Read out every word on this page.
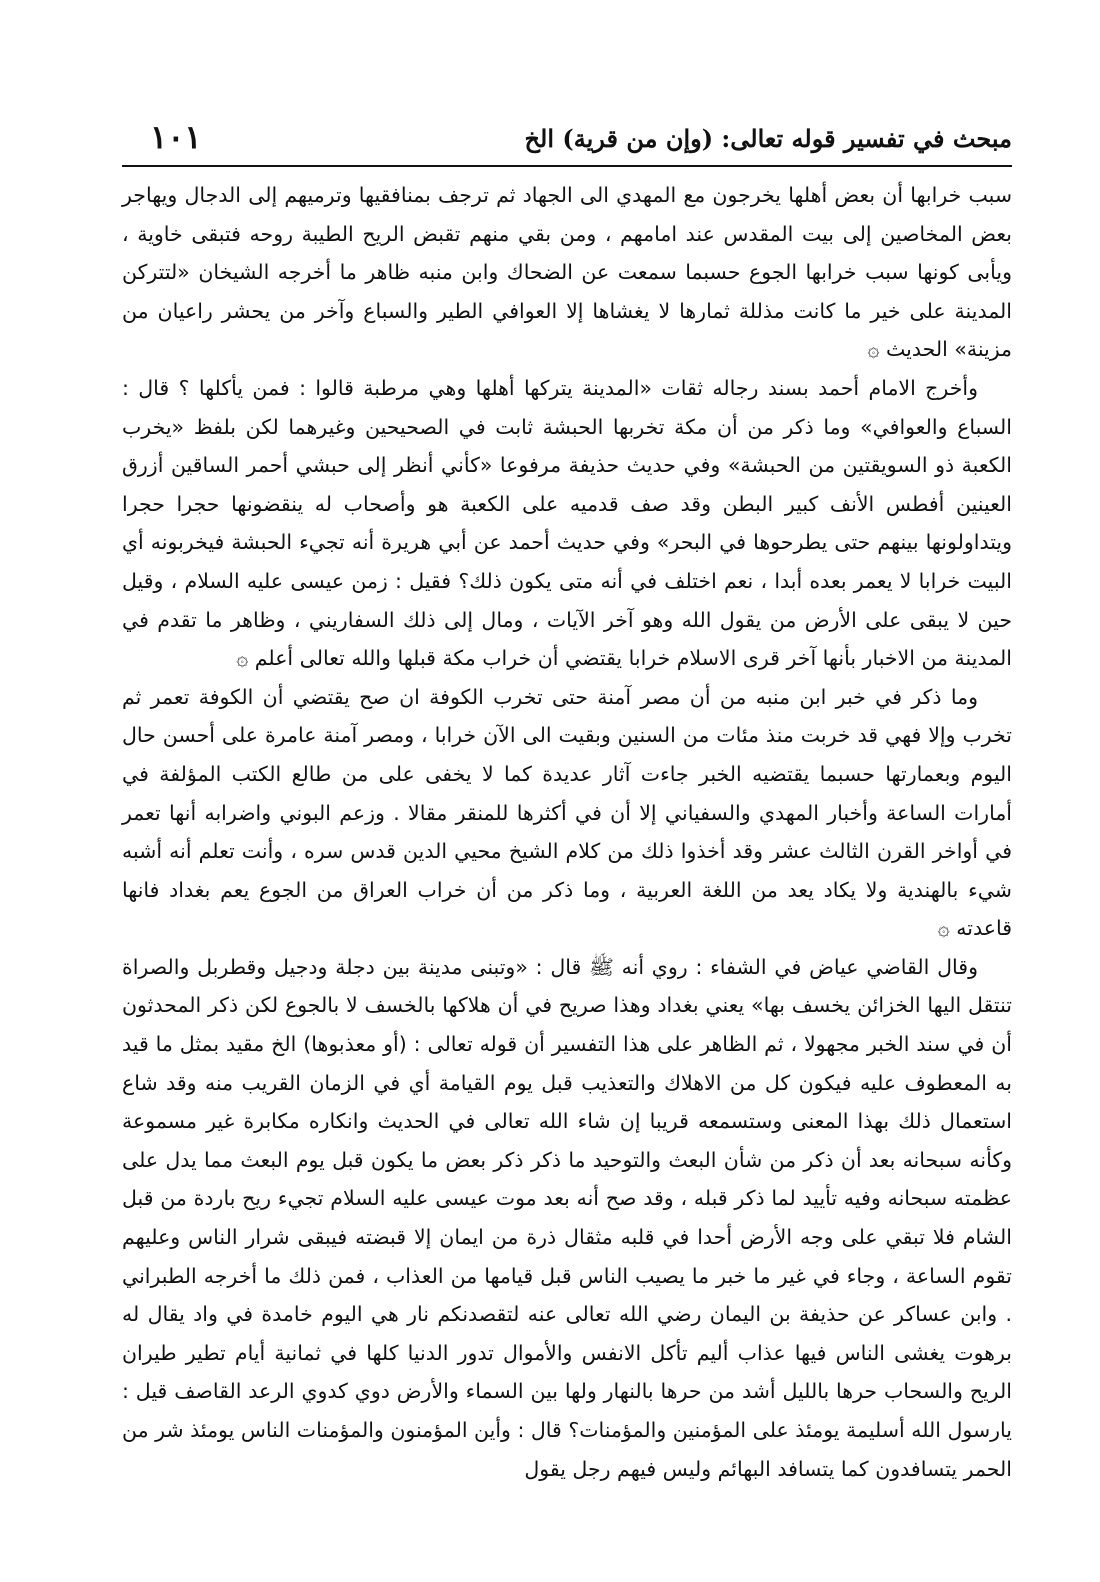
مبحث في تفسير قوله تعالى: (وإن من قرية) الخ
١٠١

سبب خرابها أن بعض أهلها يخرجون مع المهدي الى الجهاد ثم ترجف بمنافقيها وترميهم إلى الدجال ويهاجر بعض المخاصين إلى بيت المقدس عند امامهم ، ومن بقي منهم تقبض الريح الطيبة روحه فتبقى خاوية ، ويأبى كونها سبب خرابها الجوع حسبما سمعت عن الضحاك وابن منبه ظاهر ما أخرجه الشيخان «لتتركن المدينة على خير ما كانت مذللة ثمارها لا يغشاها إلا العوافي الطير والسباع وآخر من يحشر راعيان من مزينة» الحديث ۞

وأخرج الامام أحمد بسند رجاله ثقات «المدينة يتركها أهلها وهي مرطبة قالوا : فمن يأكلها ؟ قال : السباع والعوافي» وما ذكر من أن مكة تخربها الحبشة ثابت في الصحيحين وغيرهما لكن بلفظ «يخرب الكعبة ذو السويقتين من الحبشة» وفي حديث حذيفة مرفوعا «كأني أنظر إلى حبشي أحمر الساقين أزرق العينين أفطس الأنف كبير البطن وقد صف قدميه على الكعبة هو وأصحاب له ينقضونها حجرا حجرا ويتداولونها بينهم حتى يطرحوها في البحر» وفي حديث أحمد عن أبي هريرة أنه تجيء الحبشة فيخربونه أي البيت خرابا لا يعمر بعده أبدا ، نعم اختلف في أنه متى يكون ذلك؟ فقيل : زمن عيسى عليه السلام ، وقيل حين لا يبقى على الأرض من يقول الله وهو آخر الآيات ، ومال إلى ذلك السفاريني ، وظاهر ما تقدم في المدينة من الاخبار بأنها آخر قرى الاسلام خرابا يقتضي أن خراب مكة قبلها والله تعالى أعلم ۞

وما ذكر في خبر ابن منبه من أن مصر آمنة حتى تخرب الكوفة ان صح يقتضي أن الكوفة تعمر ثم تخرب وإلا فهي قد خربت منذ مئات من السنين وبقيت الى الآن خرابا ، ومصر آمنة عامرة على أحسن حال اليوم وبعمارتها حسبما يقتضيه الخبر جاءت آثار عديدة كما لا يخفى على من طالع الكتب المؤلفة في أمارات الساعة وأخبار المهدي والسفياني إلا أن في أكثرها للمنقر مقالا . وزعم البوني واضرابه أنها تعمر في أواخر القرن الثالث عشر وقد أخذوا ذلك من كلام الشيخ محيي الدين قدس سره ، وأنت تعلم أنه أشبه شيء بالهندية ولا يكاد يعد من اللغة العربية ، وما ذكر من أن خراب العراق من الجوع يعم بغداد فانها قاعدته ۞

وقال القاضي عياض في الشفاء : روي أنه ﷺ قال : «وتبنى مدينة بين دجلة ودجيل وقطربل والصراة تنتقل اليها الخزائن يخسف بها» يعني بغداد وهذا صريح في أن هلاكها بالخسف لا بالجوع لكن ذكر المحدثون أن في سند الخبر مجهولا ، ثم الظاهر على هذا التفسير أن قوله تعالى : (أو معذبوها) الخ مقيد بمثل ما قيد به المعطوف عليه فيكون كل من الاهلاك والتعذيب قبل يوم القيامة أي في الزمان القريب منه وقد شاع استعمال ذلك بهذا المعنى وستسمعه قريبا إن شاء الله تعالى في الحديث وانكاره مكابرة غير مسموعة وكأنه سبحانه بعد أن ذكر من شأن البعث والتوحيد ما ذكر ذكر بعض ما يكون قبل يوم البعث مما يدل على عظمته سبحانه وفيه تأييد لما ذكر قبله ، وقد صح أنه بعد موت عيسى عليه السلام تجيء ريح باردة من قبل الشام فلا تبقي على وجه الأرض أحدا في قلبه مثقال ذرة من ايمان إلا قبضته فيبقى شرار الناس وعليهم تقوم الساعة ، وجاء في غير ما خبر ما يصيب الناس قبل قيامها من العذاب ، فمن ذلك ما أخرجه الطبراني . وابن عساكر عن حذيفة بن اليمان رضي الله تعالى عنه لتقصدنكم نار هي اليوم خامدة في واد يقال له برهوت يغشى الناس فيها عذاب أليم تأكل الانفس والأموال تدور الدنيا كلها في ثمانية أيام تطير طيران الريح والسحاب حرها بالليل أشد من حرها بالنهار ولها بين السماء والأرض دوي كدوي الرعد القاصف قيل : يارسول الله أسليمة يومئذ على المؤمنين والمؤمنات؟ قال : وأين المؤمنون والمؤمنات الناس يومئذ شر من الحمر يتسافدون كما يتسافد البهائم وليس فيهم رجل يقول
